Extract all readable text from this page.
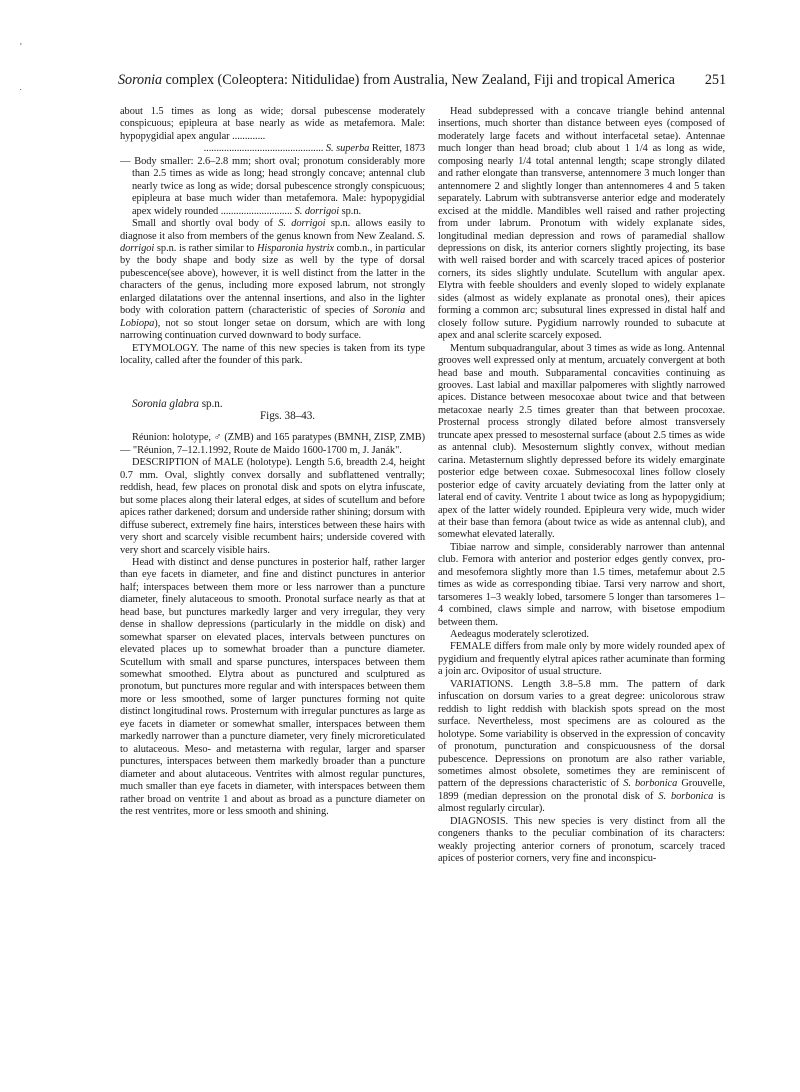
Soronia complex (Coleoptera: Nitidulidae) from Australia, New Zealand, Fiji and tropical America 251
'
˙

about 1.5 times as long as wide; dorsal pubescense moderately conspicuous; epipleura at base nearly as wide as metafemora. Male: hypopygidial apex angular .............

............................................... S. superba Reitter, 1873

— Body smaller: 2.6–2.8 mm; short oval; pronotum considerably more than 2.5 times as wide as long; head strongly concave; antennal club nearly twice as long as wide; dorsal pubescence strongly conspicuous; epipleura at base much wider than metafemora. Male: hypopygidial apex widely rounded ............................ S. dorrigoi sp.n.

Small and shortly oval body of S. dorrigoi sp.n. allows easily to diagnose it also from members of the genus known from New Zealand. S. dorrigoi sp.n. is rather similar to Hisparonia hystrix comb.n., in particular by the body shape and body size as well by the type of dorsal pubescence(see above), however, it is well distinct from the latter in the characters of the genus, including more exposed labrum, not strongly enlarged dilatations over the antennal insertions, and also in the lighter body with coloration pattern (characteristic of species of Soronia and Lobiopa), not so stout longer setae on dorsum, which are with long narrowing continuation curved downward to body surface.

ETYMOLOGY. The name of this new species is taken from its type locality, called after the founder of this park.

Soronia glabra sp.n.

Figs. 38–43.

Réunion: holotype, ♂ (ZMB) and 165 paratypes (BMNH, ZISP, ZMB) — "Réunion, 7–12.1.1992, Route de Maido 1600-1700 m, J. Janák".

DESCRIPTION of MALE (holotype). Length 5.6, breadth 2.4, height 0.7 mm. Oval, slightly convex dorsally and subflattened ventrally; reddish, head, few places on pronotal disk and spots on elytra infuscate, but some places along their lateral edges, at sides of scutellum and before apices rather darkened; dorsum and underside rather shining; dorsum with diffuse suberect, extremely fine hairs, interstices between these hairs with very short and scarcely visible recumbent hairs; underside covered with very short and scarcely visible hairs.

Head with distinct and dense punctures in posterior half, rather larger than eye facets in diameter, and fine and distinct punctures in anterior half; interspaces between them more or less narrower than a puncture diameter, finely alutaceous to smooth. Pronotal surface nearly as that at head base, but punctures markedly larger and very irregular, they very dense in shallow depressions (particularly in the middle on disk) and somewhat sparser on elevated places, intervals between punctures on elevated places up to somewhat broader than a puncture diameter. Scutellum with small and sparse punctures, interspaces between them somewhat smoothed. Elytra about as punctured and sculptured as pronotum, but punctures more regular and with interspaces between them more or less smoothed, some of larger punctures forming not quite distinct longitudinal rows. Prosternum with irregular punctures as large as eye facets in diameter or somewhat smaller, interspaces between them markedly narrower than a puncture diameter, very finely microreticulated to alutaceous. Meso- and metasterna with regular, larger and sparser punctures, interspaces between them markedly broader than a puncture diameter and about alutaceous. Ventrites with almost regular punctures, much smaller than eye facets in diameter, with interspaces between them rather broad on ventrite 1 and about as broad as a puncture diameter on the rest ventrites, more or less smooth and shining.

Head subdepressed with a concave triangle behind antennal insertions, much shorter than distance between eyes (composed of moderately large facets and without interfacetal setae). Antennae much longer than head broad; club about 1 1/4 as long as wide, composing nearly 1/4 total antennal length; scape strongly dilated and rather elongate than transverse, antennomere 3 much longer than antennomere 2 and slightly longer than antennomeres 4 and 5 taken separately. Labrum with subtransverse anterior edge and moderately excised at the middle. Mandibles well raised and rather projecting from under labrum. Pronotum with widely explanate sides, longitudinal median depression and rows of paramedial shallow depressions on disk, its anterior corners slightly projecting, its base with well raised border and with scarcely traced apices of posterior corners, its sides slightly undulate. Scutellum with angular apex. Elytra with feeble shoulders and evenly sloped to widely explanate sides (almost as widely explanate as pronotal ones), their apices forming a common arc; subsutural lines expressed in distal half and closely follow suture. Pygidium narrowly rounded to subacute at apex and anal sclerite scarcely exposed.

Mentum subquadrangular, about 3 times as wide as long. Antennal grooves well expressed only at mentum, arcuately convergent at both head base and mouth. Subparamental concavities continuing as grooves. Last labial and maxillar palpomeres with slightly narrowed apices. Distance between mesocoxae about twice and that between metacoxae nearly 2.5 times greater than that between procoxae. Prosternal process strongly dilated before almost transversely truncate apex pressed to mesosternal surface (about 2.5 times as wide as antennal club). Mesosternum slightly convex, without median carina. Metasternum slightly depressed before its widely emarginate posterior edge between coxae. Submesocoxal lines follow closely posterior edge of cavity arcuately deviating from the latter only at lateral end of cavity. Ventrite 1 about twice as long as hypopygidium; apex of the latter widely rounded. Epipleura very wide, much wider at their base than femora (about twice as wide as antennal club), and somewhat elevated laterally.

Tibiae narrow and simple, considerably narrower than antennal club. Femora with anterior and posterior edges gently convex, pro- and mesofemora slightly more than 1.5 times, metafemur about 2.5 times as wide as corresponding tibiae. Tarsi very narrow and short, tarsomeres 1–3 weakly lobed, tarsomere 5 longer than tarsomeres 1–4 combined, claws simple and narrow, with bisetose empodium between them.

Aedeagus moderately sclerotized.

FEMALE differs from male only by more widely rounded apex of pygidium and frequently elytral apices rather acuminate than forming a join arc. Ovipositor of usual structure.

VARIATIONS. Length 3.8–5.8 mm. The pattern of dark infuscation on dorsum varies to a great degree: unicolorous straw reddish to light reddish with blackish spots spread on the most surface. Nevertheless, most specimens are as coloured as the holotype. Some variability is observed in the expression of concavity of pronotum, puncturation and conspicuousness of the dorsal pubescence. Depressions on pronotum are also rather variable, sometimes almost obsolete, sometimes they are reminiscent of pattern of the depressions characteristic of S. borbonica Grouvelle, 1899 (median depression on the pronotal disk of S. borbonica is almost regularly circular).

DIAGNOSIS. This new species is very distinct from all the congeners thanks to the peculiar combination of its characters: weakly projecting anterior corners of pronotum, scarcely traced apices of posterior corners, very fine and inconspicu-
